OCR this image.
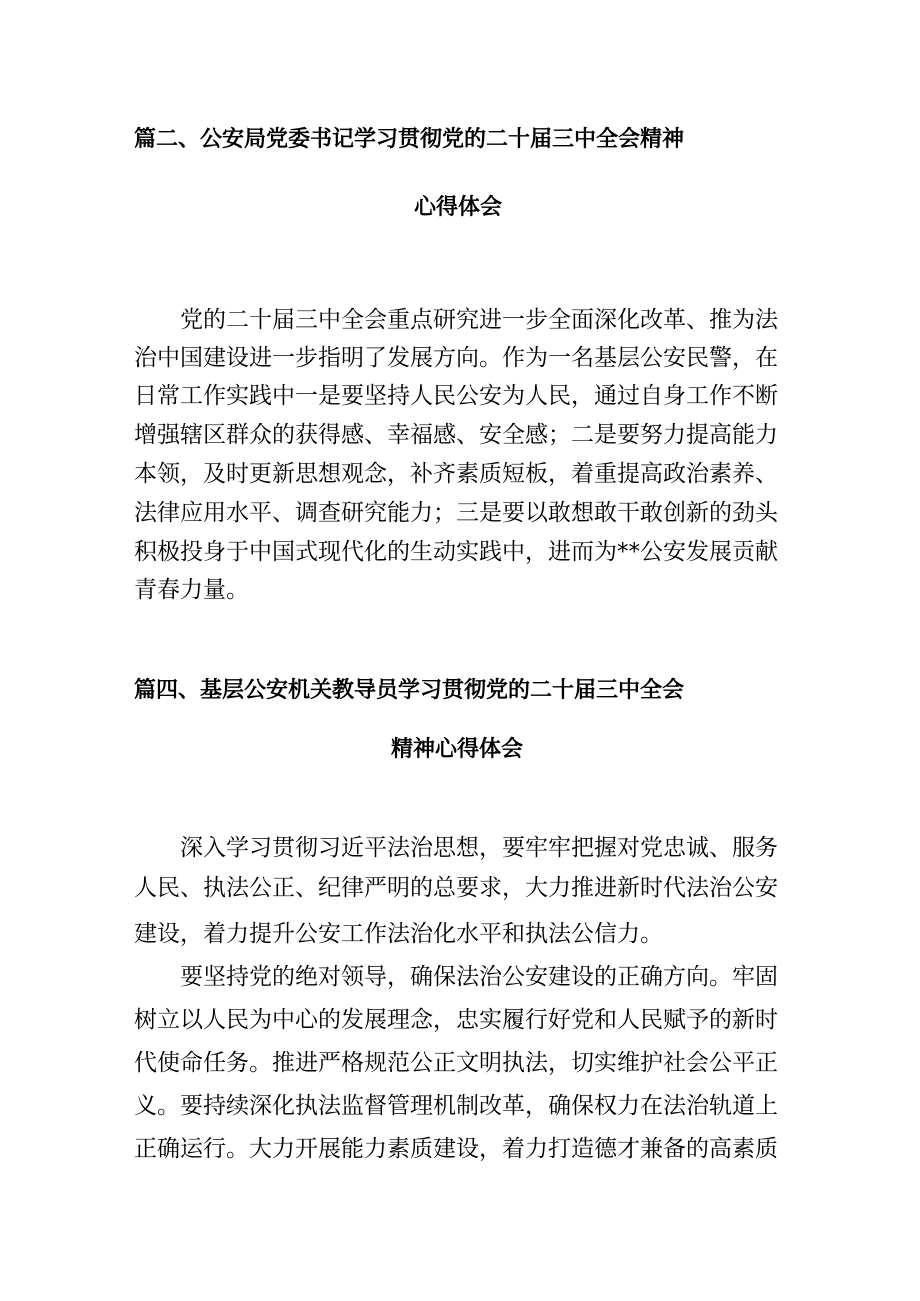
篇二、公安局党委书记学习贯彻党的二十届三中全会精神
心得体会
党的二十届三中全会重点研究进一步全面深化改革、推为法
治中国建设进一步指明了发展方向。作为一名基层公安民警，在
日常工作实践中一是要坚持人民公安为人民，通过自身工作不断
增强辖区群众的获得感、幸福感、安全感；二是要努力提高能力
本领，及时更新思想观念，补齐素质短板，着重提高政治素养、
法律应用水平、调查研究能力；三是要以敢想敢干敢创新的劲头
积极投身于中国式现代化的生动实践中，进而为**公安发展贡献
青春力量。
篇四、基层公安机关教导员学习贯彻党的二十届三中全会
精神心得体会
深入学习贯彻习近平法治思想，要牢牢把握对党忠诚、服务
人民、执法公正、纪律严明的总要求，大力推进新时代法治公安
建设，着力提升公安工作法治化水平和执法公信力。
要坚持党的绝对领导，确保法治公安建设的正确方向。牢固
树立以人民为中心的发展理念，忠实履行好党和人民赋予的新时
代使命任务。推进严格规范公正文明执法，切实维护社会公平正
义。要持续深化执法监督管理机制改革，确保权力在法治轨道上
正确运行。大力开展能力素质建设，着力打造德才兼备的高素质
